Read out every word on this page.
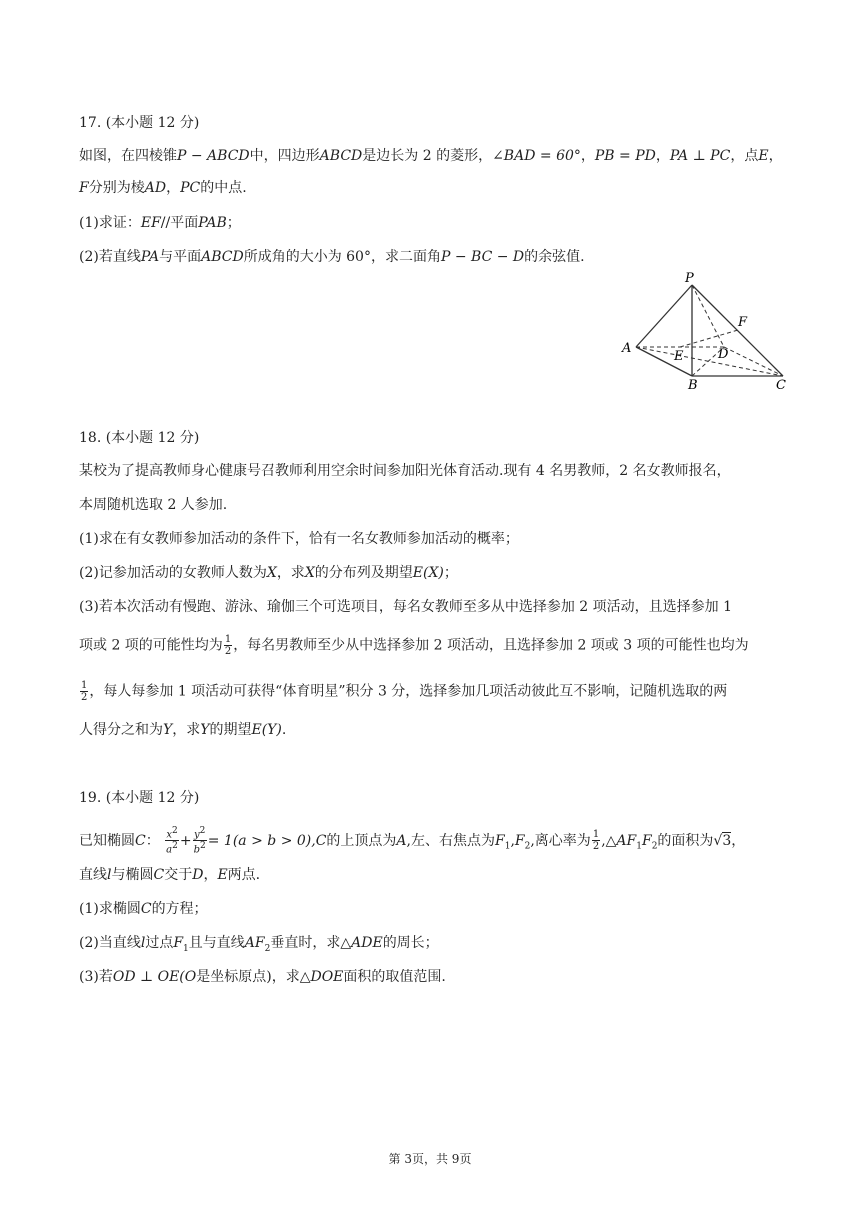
17. (本小题 12 分)
如图，在四棱锥P − ABCD中，四边形ABCD是边长为 2 的菱形，∠BAD = 60°，PB = PD，PA ⊥ PC，点E，
F分别为棱AD，PC的中点.
(1)求证：EF//平面PAB；
(2)若直线PA与平面ABCD所成角的大小为 60°，求二面角P − BC − D的余弦值.
P
A
B	C
D
E
F
18. (本小题 12 分)
某校为了提高教师身心健康号召教师利用空余时间参加阳光体育活动.现有 4 名男教师，2 名女教师报名，
本周随机选取 2 人参加.
(1)求在有女教师参加活动的条件下，恰有一名女教师参加活动的概率；
(2)记参加活动的女教师人数为X，求X的分布列及期望E(X)；
(3)若本次活动有慢跑、游泳、瑜伽三个可选项目，每名女教师至多从中选择参加 2 项活动，且选择参加 1
项或 2 项的可能性均为 $\frac{1}{2}$ ，每名男教师至少从中选择参加 2 项活动，且选择参加 2 项或 3 项的可能性也均为
$\frac{1}{2}$ ，每人每参加 1 项活动可获得“体育明星”积分 3 分，选择参加几项活动彼此互不影响，记随机选取的两
人得分之和为Y，求Y的期望E(Y).
19. (本小题 12 分)
已知椭圆C： $\frac{x^2}{a^2} + \frac{y^2}{b^2} = 1(a > b > 0),C$的上顶点为A,左、右焦点为$F_1,F_2$,离心率为 $\frac{1}{2}$ $,\triangle AF_1F_2$的面积为√3，
直线l与椭圆C交于D，E两点.
(1)求椭圆C的方程；
(2)当直线l过点$F_1$且与直线$AF_2$垂直时，求△ADE的周长；
(3)若OD ⊥ OE(O是坐标原点)，求△DOE面积的取值范围.
第 3页，共 9页
